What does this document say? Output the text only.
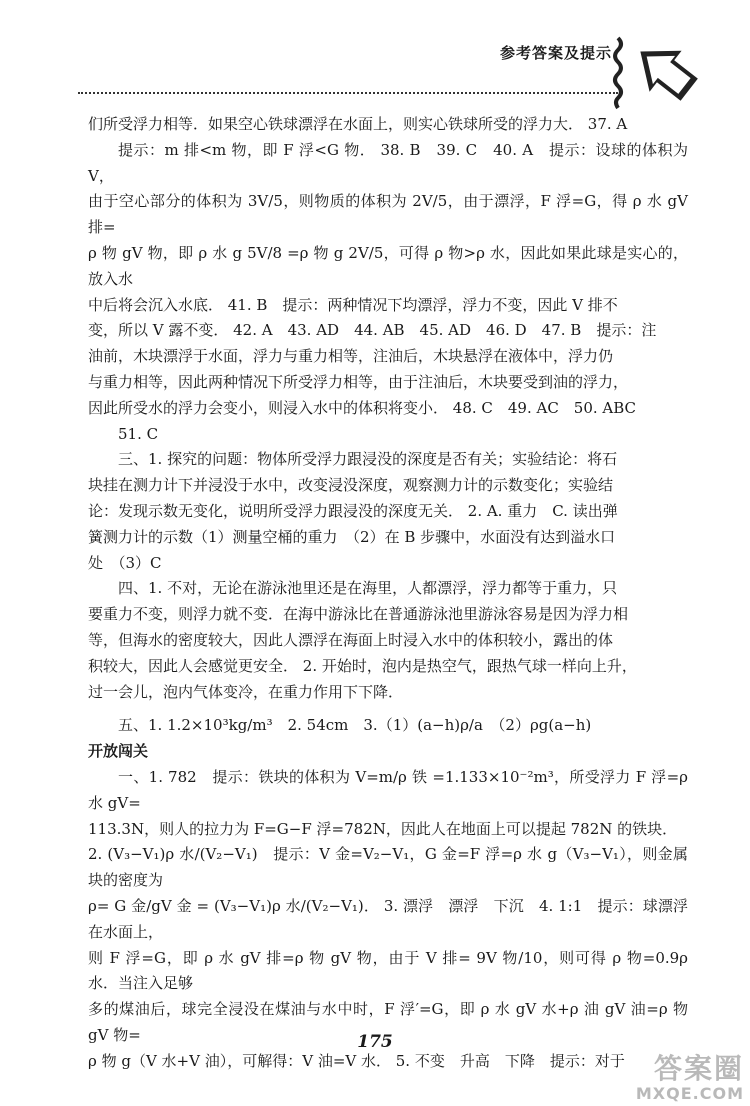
参考答案及提示

们所受浮力相等．如果空心铁球漂浮在水面上，则实心铁球所受的浮力大． 37. A

提示：m 排<m 物，即 F 浮<G 物． 38. B　39. C　40. A　提示：设球的体积为 V，

由于空心部分的体积为 3V/5，则物质的体积为 2V/5，由于漂浮，F 浮=G，得 ρ 水 gV 排=

ρ 物 gV 物，即 ρ 水 g 5V/8 =ρ 物 g 2V/5，可得 ρ 物>ρ 水，因此如果此球是实心的，放入水

中后将会沉入水底． 41. B　提示：两种情况下均漂浮，浮力不变，因此 V 排不

变，所以 V 露不变． 42. A　43. AD　44. AB　45. AD　46. D　47. B　提示：注

油前，木块漂浮于水面，浮力与重力相等，注油后，木块悬浮在液体中，浮力仍

与重力相等，因此两种情况下所受浮力相等，由于注油后，木块要受到油的浮力，

因此所受水的浮力会变小，则浸入水中的体积将变小． 48. C　49. AC　50. ABC

51. C

三、1. 探究的问题：物体所受浮力跟浸没的深度是否有关；实验结论：将石

块挂在测力计下并浸没于水中，改变浸没深度，观察测力计的示数变化；实验结

论：发现示数无变化，说明所受浮力跟浸没的深度无关． 2. A. 重力　C. 读出弹

簧测力计的示数（1）测量空桶的重力　（2）在 B 步骤中，水面没有达到溢水口

处　（3）C

四、1. 不对，无论在游泳池里还是在海里，人都漂浮，浮力都等于重力，只

要重力不变，则浮力就不变．在海中游泳比在普通游泳池里游泳容易是因为浮力相

等，但海水的密度较大，因此人漂浮在海面上时浸入水中的体积较小，露出的体

积较大，因此人会感觉更安全． 2. 开始时，泡内是热空气，跟热气球一样向上升，

过一会儿，泡内气体变冷，在重力作用下下降．

五、1. 1.2×10³kg/m³　2. 54cm　3.（1）(a−h)ρ/a　（2）ρg(a−h)

开放闯关

一、1. 782　提示：铁块的体积为 V=m/ρ 铁 =1.133×10⁻²m³，所受浮力 F 浮=ρ 水 gV=

113.3N，则人的拉力为 F=G−F 浮=782N，因此人在地面上可以提起 782N 的铁块．

2. (V₃−V₁)ρ 水/(V₂−V₁)　提示：V 金=V₂−V₁，G 金=F 浮=ρ 水 g（V₃−V₁），则金属块的密度为

ρ= G 金/gV 金 = (V₃−V₁)ρ 水/(V₂−V₁)． 3. 漂浮　漂浮　下沉　4. 1:1　提示：球漂浮在水面上，

则 F 浮=G，即 ρ 水 gV 排=ρ 物 gV 物，由于 V 排= 9V 物/10，则可得 ρ 物=0.9ρ 水．当注入足够

多的煤油后，球完全浸没在煤油与水中时，F 浮′=G，即 ρ 水 gV 水+ρ 油 gV 油=ρ 物 gV 物=

ρ 物 g（V 水+V 油），可解得：V 油=V 水． 5. 不变　升高　下降　提示：对于

175
答案圈
MXQE.COM
